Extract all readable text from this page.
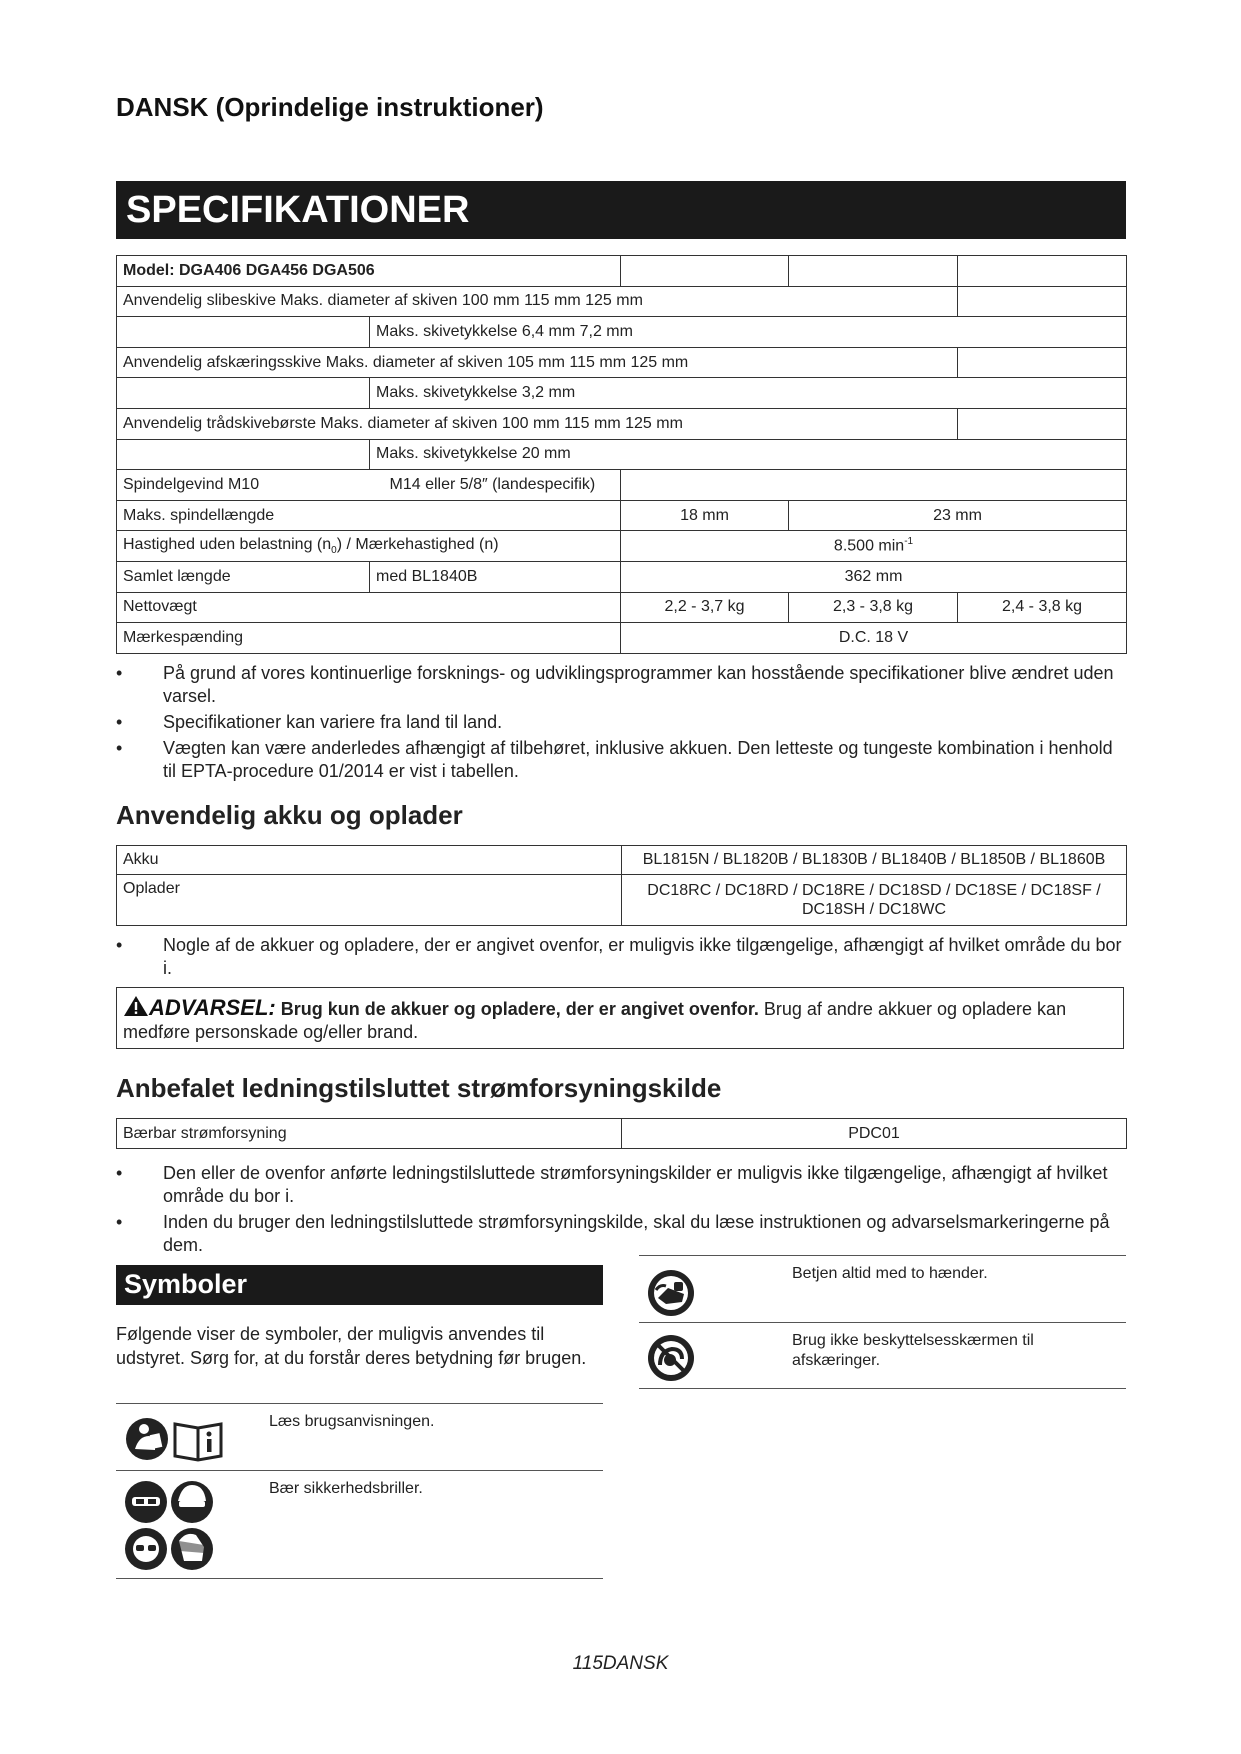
DANSK (Oprindelige instruktioner)
SPECIFIKATIONER
Model: DGA406 DGA456 DGA506				
Anvendelig slibeskive Maks. diameter af skiven 100 mm 115 mm 125 mm				
	Maks. skivetykkelse 6,4 mm 7,2 mm			
Anvendelig afskæringsskive Maks. diameter af skiven 105 mm 115 mm 125 mm				
	Maks. skivetykkelse 3,2 mm			
Anvendelig trådskivebørste Maks. diameter af skiven 100 mm 115 mm 125 mm				
	Maks. skivetykkelse 20 mm			
Spindelgevind M10	M14 eller 5/8″ (landespecifik)			
Maks. spindellængde		18 mm	23 mm	
Hastighed uden belastning $(n_0)$ / Mærkehastighed (n)		8.500 $\min^{-1}$
Samlet længde	med BL1840B	362 mm		
Nettovægt		2,2 - 3,7 kg	2,3 - 3,8 kg	2,4 - 3,8 kg
Mærkespænding		D.C. 18 V		
• På grund af vores kontinuerlige forsknings- og udviklingsprogrammer kan hosstående specifikationer blive ændret uden varsel.
• Specifikationer kan variere fra land til land.
• Vægten kan være anderledes afhængigt af tilbehøret, inklusive akkuen. Den letteste og tungeste kombination i henhold til EPTA-procedure 01/2014 er vist i tabellen.
Anvendelig akku og oplader
Akku	BL1815N / BL1820B / BL1830B / BL1840B / BL1850B / BL1860B
Oplader	DC18RC / DC18RD / DC18RE / DC18SD / DC18SE / DC18SF /
DC18SH / DC18WC
• Nogle af de akkuer og opladere, der er angivet ovenfor, er muligvis ikke tilgængelige, afhængigt af hvilket område du bor i.
ADVARSEL: Brug kun de akkuer og opladere, der er angivet ovenfor. Brug af andre akkuer og opladere kan medføre personskade og/eller brand.
Anbefalet ledningstilsluttet strømforsyningskilde
Bærbar strømforsyning	PDC01
• Den eller de ovenfor anførte ledningstilsluttede strømforsyningskilder er muligvis ikke tilgængelige, afhængigt af hvilket område du bor i.
• Inden du bruger den ledningstilsluttede strømforsyningskilde, skal du læse instruktionen og advarselsmarkeringerne på dem.
Symboler
Følgende viser de symboler, der muligvis anvendes til udstyret. Sørg for, at du forstår deres betydning før brugen.
Læs brugsanvisningen.
Bær sikkerhedsbriller.
Betjen altid med to hænder.
Brug ikke beskyttelsesskærmen til afskæringer.
115DANSK
